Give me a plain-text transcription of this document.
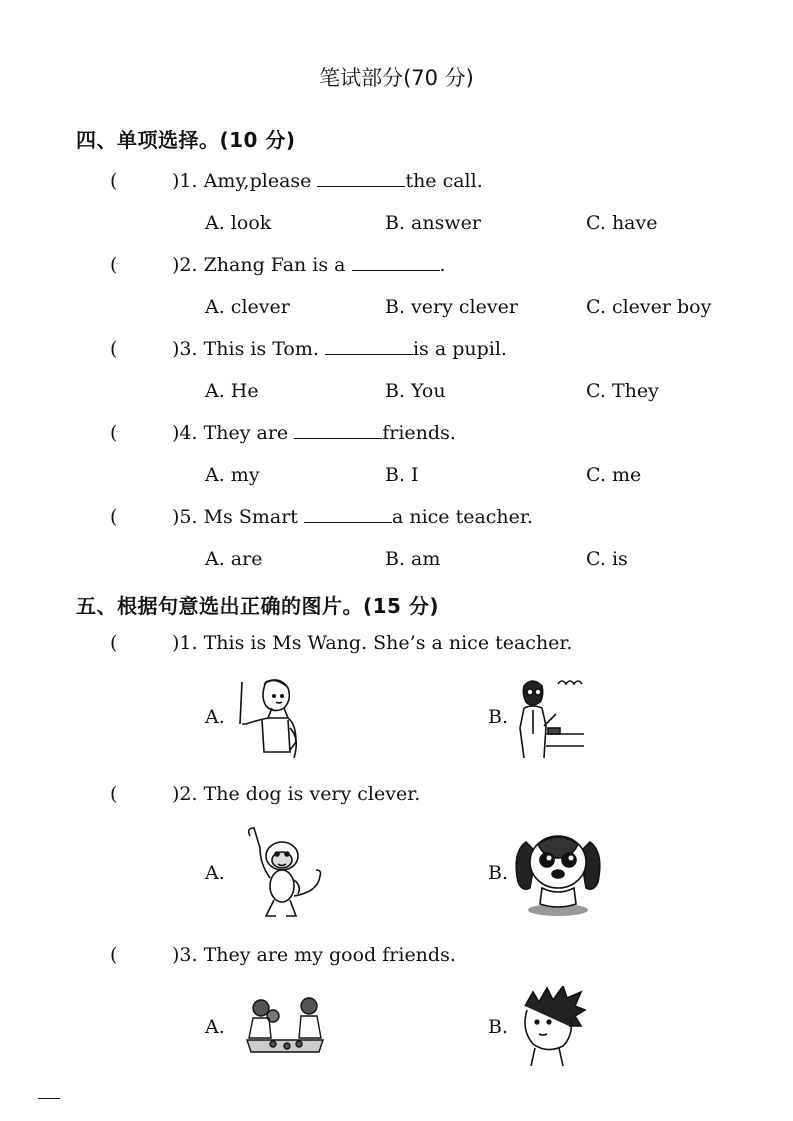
笔试部分(70 分)
四、单项选择。(10 分)
(	)1. Amy,please	the call.
A. look	B. answer	C. have
(	)2. Zhang Fan is a	.
A. clever	B. very clever	C. clever boy
(	)3. This is Tom.	is a pupil.
A. He	B. You	C. They
(	)4. They are	friends.
A. my	B. I	C. me
(	)5. Ms Smart	a nice teacher.
A. are	B. am	C. is
五、根据句意选出正确的图片。(15 分)
(	)1. This is Ms Wang. She’s a nice teacher.
A.	B.
(	)2. The dog is very clever.
A.	B.
(	)3. They are my good friends.
A.	B.
